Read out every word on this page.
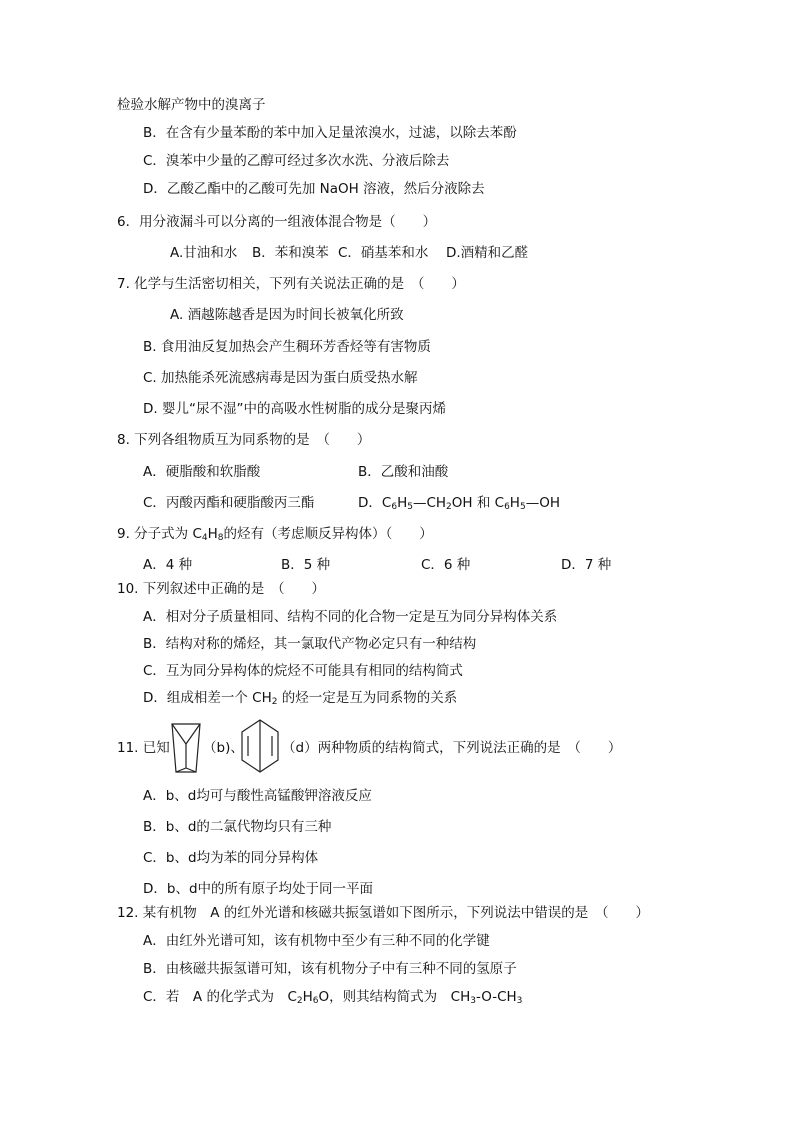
检验水解产物中的溴离子
B．在含有少量苯酚的苯中加入足量浓溴水，过滤，以除去苯酚
C．溴苯中少量的乙醇可经过多次水洗、分液后除去
D．乙酸乙酯中的乙酸可先加 NaOH 溶液，然后分液除去
6．用分液漏斗可以分离的一组液体混合物是（　　）
A.甘油和水 B．苯和溴苯 C．硝基苯和水 D.酒精和乙醛
7. 化学与生活密切相关，下列有关说法正确的是　（　　）
A. 酒越陈越香是因为时间长被氧化所致
B. 食用油反复加热会产生稠环芳香烃等有害物质
C. 加热能杀死流感病毒是因为蛋白质受热水解
D. 婴儿“尿不湿”中的高吸水性树脂的成分是聚丙烯
8. 下列各组物质互为同系物的是　（　　）
A．硬脂酸和软脂酸	B．乙酸和油酸
C．丙酸丙酯和硬脂酸丙三酯	D．$C_6H_5—CH_2OH$ 和 $C_6H_5—OH$
9. 分子式为 $C_4H_8$的烃有（考虑顺反异构体）（　　）
A．4 种	B．5 种	C．6 种	D．7 种
10. 下列叙述中正确的是　（　　）
A．相对分子质量相同、结构不同的化合物一定是互为同分异构体关系
B．结构对称的烯烃，其一氯取代产物必定只有一种结构
C．互为同分异构体的烷烃不可能具有相同的结构简式
D．组成相差一个 $CH_2$ 的烃一定是互为同系物的关系
11. 已知 （b)、	（d）两种物质的结构简式，下列说法正确的是　（　　）
A．b、d均可与酸性高锰酸钾溶液反应
B．b、d的二氯代物均只有三种
C．b、d均为苯的同分异构体
D．b、d中的所有原子均处于同一平面
12. 某有机物　A 的红外光谱和核磁共振氢谱如下图所示，下列说法中错误的是　（　　）
A．由红外光谱可知，该有机物中至少有三种不同的化学键
B．由核磁共振氢谱可知，该有机物分子中有三种不同的氢原子
C．若　A 的化学式为　$C_2H_6O$，则其结构简式为　$CH_3-O-CH_3$
